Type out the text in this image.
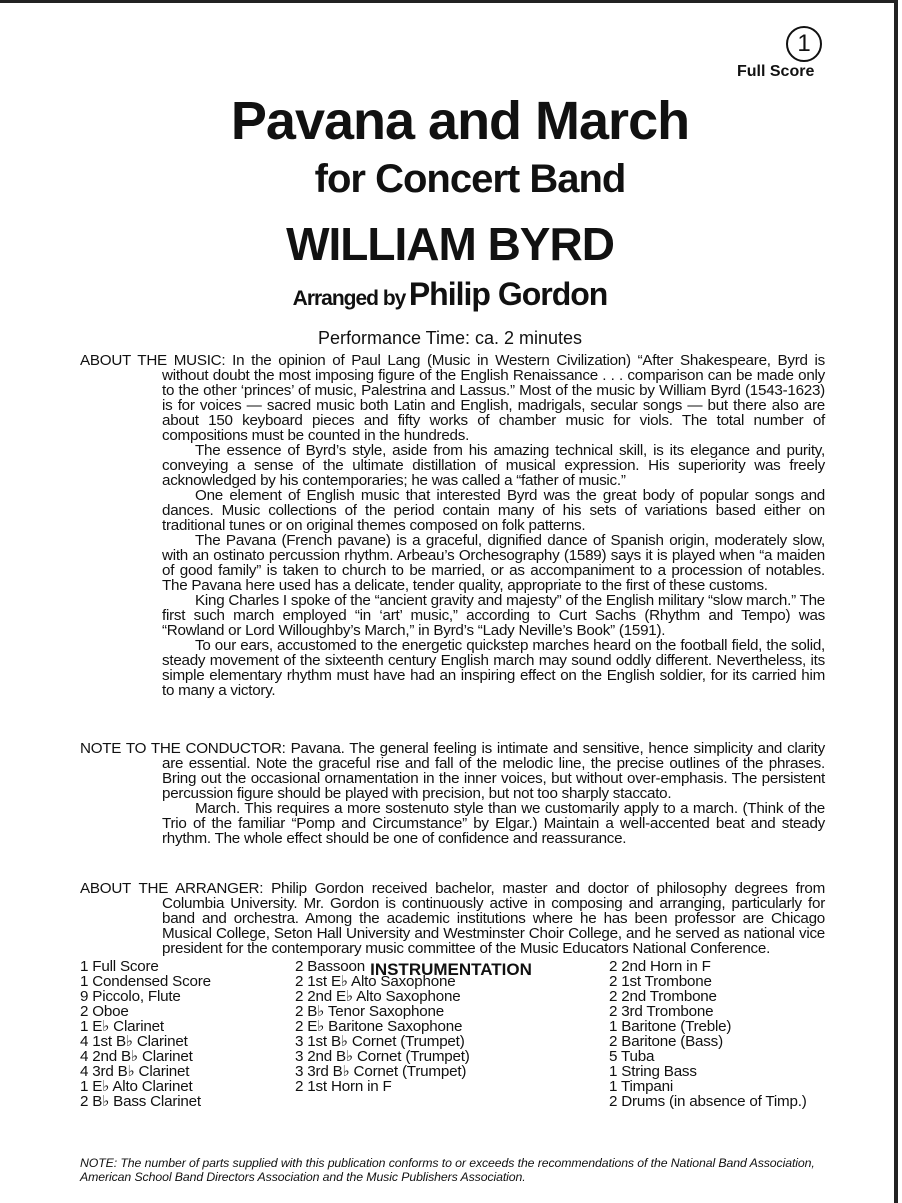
1
Full Score
Pavana and March
for Concert Band
WILLIAM BYRD
Arranged by Philip Gordon
Performance Time: ca. 2 minutes

ABOUT THE MUSIC: In the opinion of Paul Lang (Music in Western Civilization) “After Shakespeare, Byrd is without doubt the most imposing figure of the English Renaissance . . . comparison can be made only to the other ‘princes’ of music, Palestrina and Lassus.” Most of the music by William Byrd (1543-1623) is for voices — sacred music both Latin and English, madrigals, secular songs — but there also are about 150 keyboard pieces and fifty works of chamber music for viols. The total number of compositions must be counted in the hundreds.

The essence of Byrd’s style, aside from his amazing technical skill, is its elegance and purity, conveying a sense of the ultimate distillation of musical expression. His superiority was freely acknowledged by his contemporaries; he was called a “father of music.”

One element of English music that interested Byrd was the great body of popular songs and dances. Music collections of the period contain many of his sets of variations based either on traditional tunes or on original themes composed on folk patterns.

The Pavana (French pavane) is a graceful, dignified dance of Spanish origin, moderately slow, with an ostinato percussion rhythm. Arbeau’s Orchesography (1589) says it is played when “a maiden of good family” is taken to church to be married, or as accompaniment to a procession of notables. The Pavana here used has a delicate, tender quality, appropriate to the first of these customs.

King Charles I spoke of the “ancient gravity and majesty” of the English military “slow march.” The first such march employed “in ‘art’ music,” according to Curt Sachs (Rhythm and Tempo) was “Rowland or Lord Willoughby’s March,” in Byrd’s “Lady Neville’s Book” (1591).

To our ears, accustomed to the energetic quickstep marches heard on the football field, the solid, steady movement of the sixteenth century English march may sound oddly different. Nevertheless, its simple elementary rhythm must have had an inspiring effect on the English soldier, for its carried him to many a victory.

NOTE TO THE CONDUCTOR: Pavana. The general feeling is intimate and sensitive, hence simplicity and clarity are essential. Note the graceful rise and fall of the melodic line, the precise outlines of the phrases. Bring out the occasional ornamentation in the inner voices, but without over-emphasis. The persistent percussion figure should be played with precision, but not too sharply staccato.

March. This requires a more sostenuto style than we customarily apply to a march. (Think of the Trio of the familiar “Pomp and Circumstance” by Elgar.) Maintain a well-accented beat and steady rhythm. The whole effect should be one of confidence and reassurance.

ABOUT THE ARRANGER: Philip Gordon received bachelor, master and doctor of philosophy degrees from Columbia University. Mr. Gordon is continuously active in composing and arranging, particularly for band and orchestra. Among the academic institutions where he has been professor are Chicago Musical College, Seton Hall University and Westminster Choir College, and he served as national vice president for the contemporary music committee of the Music Educators National Conference.

INSTRUMENTATION
1 Full Score
1 Condensed Score
9 Piccolo, Flute
2 Oboe
1 E♭ Clarinet
4 1st B♭ Clarinet
4 2nd B♭ Clarinet
4 3rd B♭ Clarinet
1 E♭ Alto Clarinet
2 B♭ Bass Clarinet
2 Bassoon
2 1st E♭ Alto Saxophone
2 2nd E♭ Alto Saxophone
2 B♭ Tenor Saxophone
2 E♭ Baritone Saxophone
3 1st B♭ Cornet (Trumpet)
3 2nd B♭ Cornet (Trumpet)
3 3rd B♭ Cornet (Trumpet)
2 1st Horn in F
2 2nd Horn in F
2 1st Trombone
2 2nd Trombone
2 3rd Trombone
1 Baritone (Treble)
2 Baritone (Bass)
5 Tuba
1 String Bass
1 Timpani
2 Drums (in absence of Timp.)
NOTE: The number of parts supplied with this publication conforms to or exceeds the recommendations of the National Band Association, American School Band Directors Association and the Music Publishers Association.
